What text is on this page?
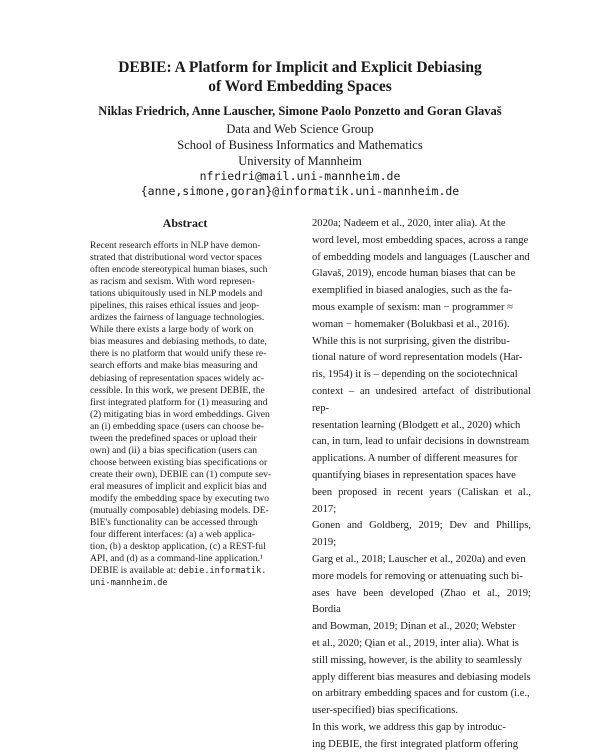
DEBIE: A Platform for Implicit and Explicit Debiasing
of Word Embedding Spaces
Niklas Friedrich, Anne Lauscher, Simone Paolo Ponzetto and Goran Glavaš
Data and Web Science Group
School of Business Informatics and Mathematics
University of Mannheim
nfriedri@mail.uni-mannheim.de
{anne,simone,goran}@informatik.uni-mannheim.de
Abstract
Recent research efforts in NLP have demon-
strated that distributional word vector spaces
often encode stereotypical human biases, such
as racism and sexism. With word represen-
tations ubiquitously used in NLP models and
pipelines, this raises ethical issues and jeop-
ardizes the fairness of language technologies.
While there exists a large body of work on
bias measures and debiasing methods, to date,
there is no platform that would unify these re-
search efforts and make bias measuring and
debiasing of representation spaces widely ac-
cessible. In this work, we present DEBIE, the
first integrated platform for (1) measuring and
(2) mitigating bias in word embeddings. Given
an (i) embedding space (users can choose be-
tween the predefined spaces or upload their
own) and (ii) a bias specification (users can
choose between existing bias specifications or
create their own), DEBIE can (1) compute sev-
eral measures of implicit and explicit bias and
modify the embedding space by executing two
(mutually composable) debiasing models. DE-
BIE's functionality can be accessed through
four different interfaces: (a) a web applica-
tion, (b) a desktop application, (c) a REST-ful
API, and (d) as a command-line application.¹
DEBIE is available at: debie.informatik.
uni-mannheim.de
2020a; Nadeem et al., 2020, inter alia). At the
word level, most embedding spaces, across a range
of embedding models and languages (Lauscher and
Glavaš, 2019), encode human biases that can be
exemplified in biased analogies, such as the fa-
mous example of sexism: man − programmer ≈
woman − homemaker (Bolukbasi et al., 2016).
While this is not surprising, given the distribu-
tional nature of word representation models (Har-
ris, 1954) it is – depending on the sociotechnical
context – an undesired artefact of distributional rep-
resentation learning (Blodgett et al., 2020) which
can, in turn, lead to unfair decisions in downstream
applications. A number of different measures for
quantifying biases in representation spaces have
been proposed in recent years (Caliskan et al., 2017;
Gonen and Goldberg, 2019; Dev and Phillips, 2019;
Garg et al., 2018; Lauscher et al., 2020a) and even
more models for removing or attenuating such bi-
ases have been developed (Zhao et al., 2019; Bordia
and Bowman, 2019; Dinan et al., 2020; Webster
et al., 2020; Qian et al., 2019, inter alia). What is
still missing, however, is the ability to seamlessly
apply different bias measures and debiasing models
on arbitrary embedding spaces and for custom (i.e.,
user-specified) bias specifications.
In this work, we address this gap by introduc-
ing DEBIE, the first integrated platform offering
